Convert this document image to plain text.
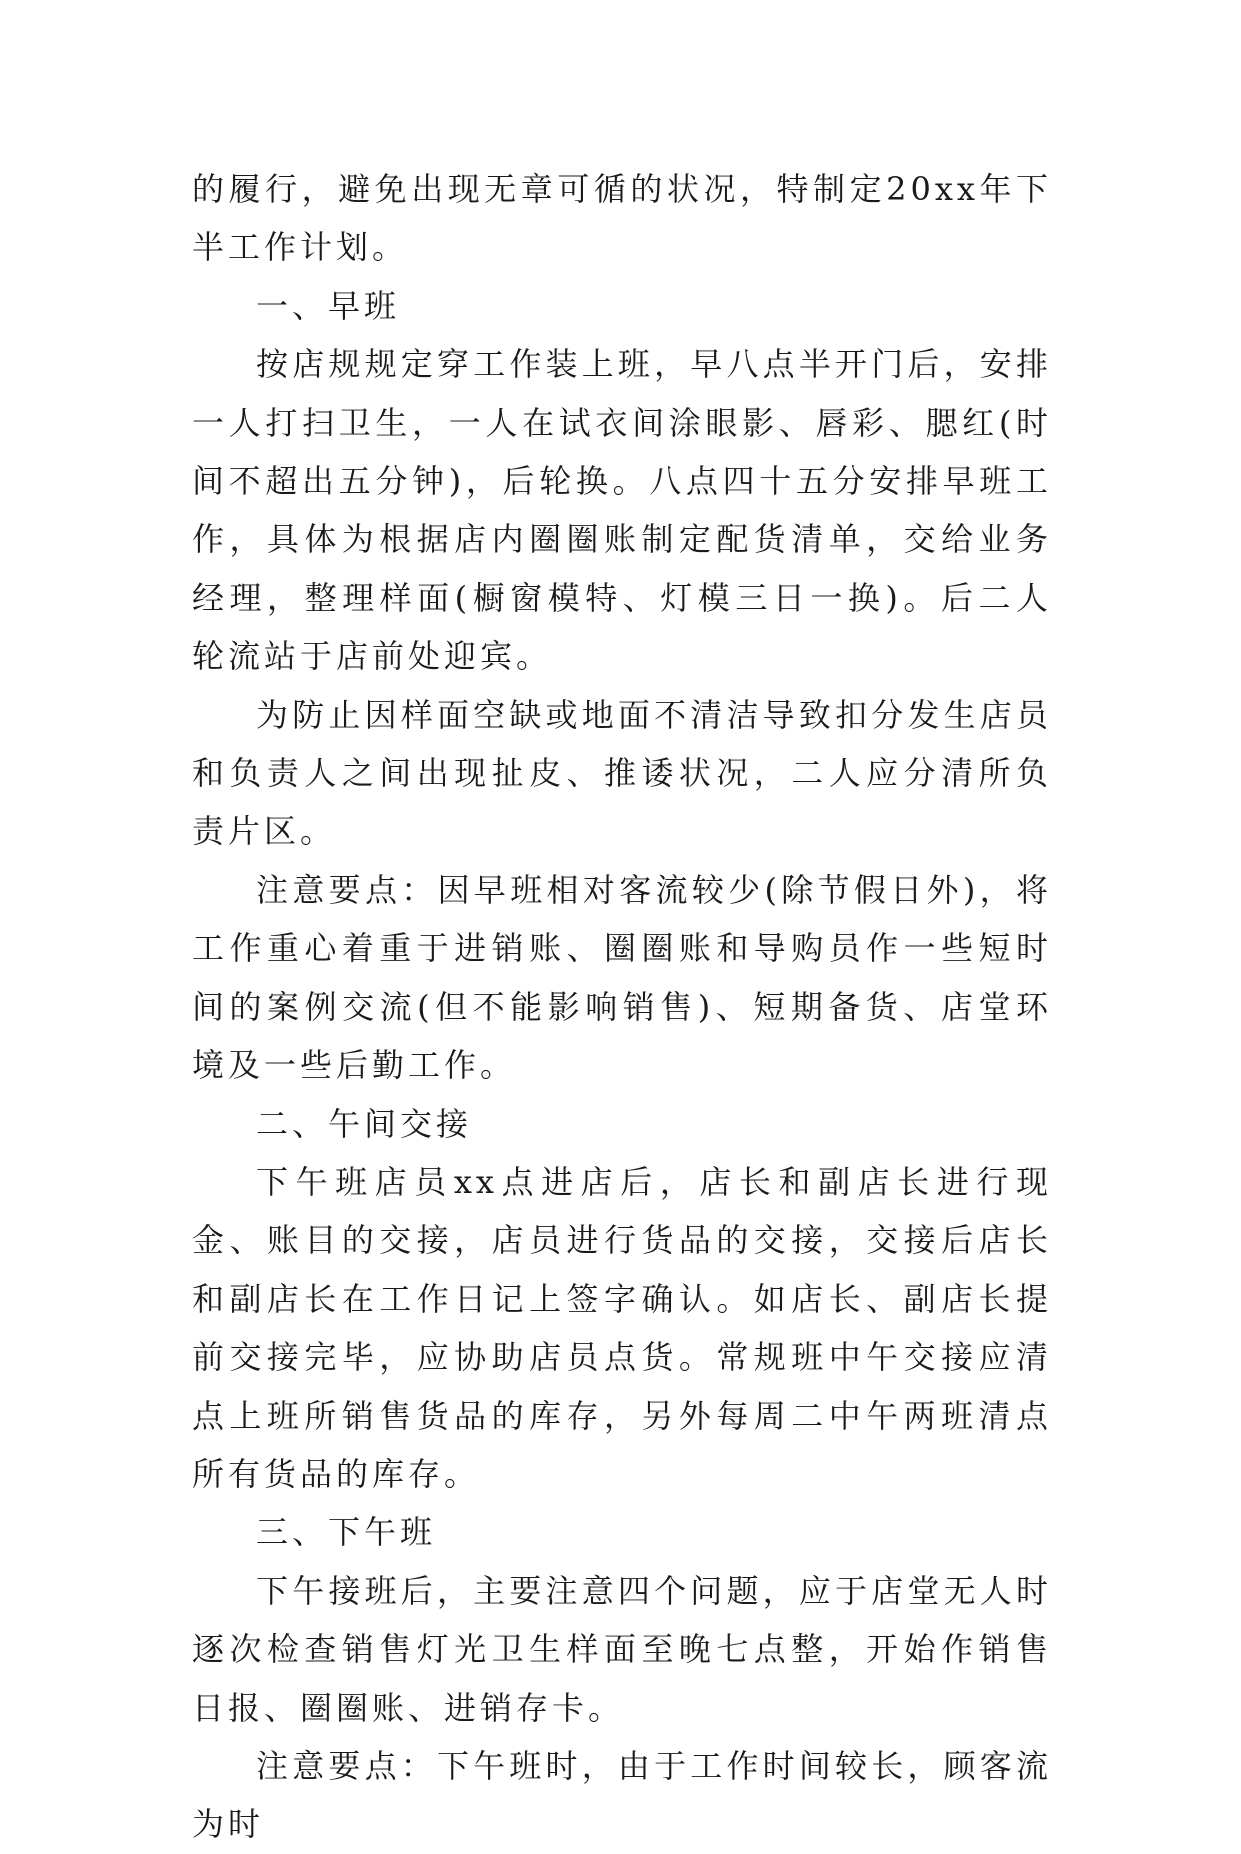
的履行，避免出现无章可循的状况，特制定20xx年下半工作计划。

一、早班

按店规规定穿工作装上班，早八点半开门后，安排一人打扫卫生，一人在试衣间涂眼影、唇彩、腮红(时间不超出五分钟)，后轮换。八点四十五分安排早班工作，具体为根据店内圈圈账制定配货清单，交给业务经理，整理样面(橱窗模特、灯模三日一换)。后二人轮流站于店前处迎宾。

为防止因样面空缺或地面不清洁导致扣分发生店员和负责人之间出现扯皮、推诿状况，二人应分清所负责片区。

注意要点：因早班相对客流较少(除节假日外)，将工作重心着重于进销账、圈圈账和导购员作一些短时间的案例交流(但不能影响销售)、短期备货、店堂环境及一些后勤工作。

二、午间交接

下午班店员xx点进店后，店长和副店长进行现金、账目的交接，店员进行货品的交接，交接后店长和副店长在工作日记上签字确认。如店长、副店长提前交接完毕，应协助店员点货。常规班中午交接应清点上班所销售货品的库存，另外每周二中午两班清点所有货品的库存。

三、下午班

下午接班后，主要注意四个问题，应于店堂无人时逐次检查销售灯光卫生样面至晚七点整，开始作销售日报、圈圈账、进销存卡。

注意要点：下午班时，由于工作时间较长，顾客流为时
